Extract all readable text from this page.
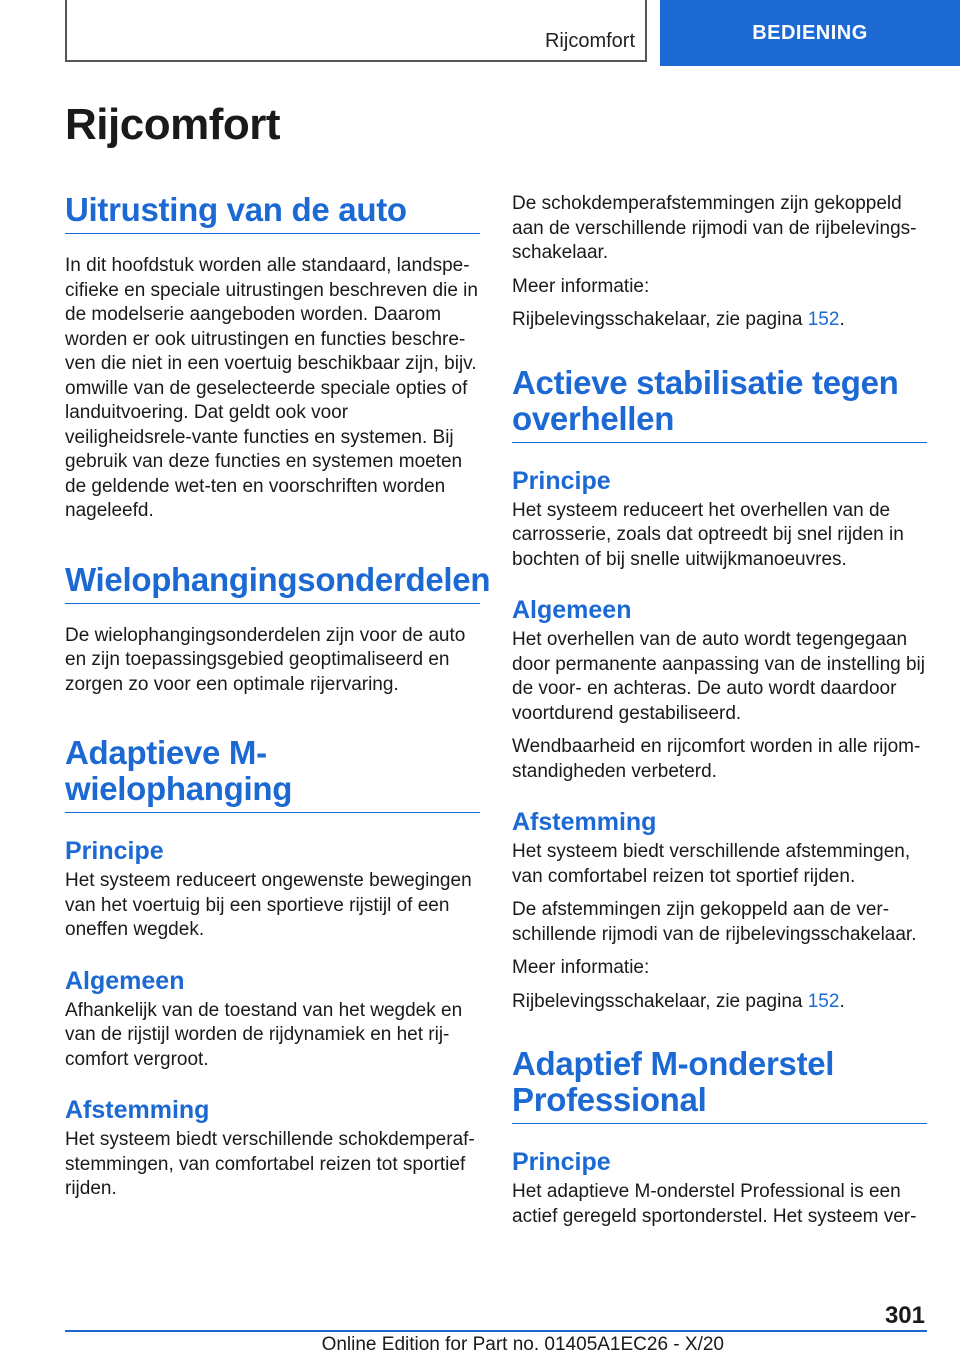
Rijcomfort	BEDIENING
Rijcomfort
Uitrusting van de auto

In dit hoofdstuk worden alle standaard, landspe-cifieke en speciale uitrustingen beschreven die in de modelserie aangeboden worden. Daarom worden er ook uitrustingen en functies beschre-ven die niet in een voertuig beschikbaar zijn, bijv. omwille van de geselecteerde speciale opties of landuitvoering. Dat geldt ook voor veiligheidsrele-vante functies en systemen. Bij gebruik van deze functies en systemen moeten de geldende wet-ten en voorschriften worden nageleefd.

Wielophangingsonderdelen

De wielophangingsonderdelen zijn voor de auto en zijn toepassingsgebied geoptimaliseerd en zorgen zo voor een optimale rijervaring.

Adaptieve M-wielophanging
Principe

Het systeem reduceert ongewenste bewegingen van het voertuig bij een sportieve rijstijl of een oneffen wegdek.

Algemeen

Afhankelijk van de toestand van het wegdek en van de rijstijl worden de rijdynamiek en het rij-comfort vergroot.

Afstemming

Het systeem biedt verschillende schokdemperaf-stemmingen, van comfortabel reizen tot sportief rijden.

De schokdemperafstemmingen zijn gekoppeld aan de verschillende rijmodi van de rijbelevings-schakelaar.

Meer informatie:

Rijbelevingsschakelaar, zie pagina 152.

Actieve stabilisatie tegen overhellen
Principe

Het systeem reduceert het overhellen van de carrosserie, zoals dat optreedt bij snel rijden in bochten of bij snelle uitwijkmanoeuvres.

Algemeen

Het overhellen van de auto wordt tegengegaan door permanente aanpassing van de instelling bij de voor- en achteras. De auto wordt daardoor voortdurend gestabiliseerd.

Wendbaarheid en rijcomfort worden in alle rijom-standigheden verbeterd.

Afstemming

Het systeem biedt verschillende afstemmingen, van comfortabel reizen tot sportief rijden.

De afstemmingen zijn gekoppeld aan de ver-schillende rijmodi van de rijbelevingsschakelaar.

Meer informatie:

Rijbelevingsschakelaar, zie pagina 152.

Adaptief M-onderstel Professional
Principe

Het adaptieve M-onderstel Professional is een actief geregeld sportonderstel. Het systeem ver-

301
Online Edition for Part no. 01405A1EC26 - X/20
